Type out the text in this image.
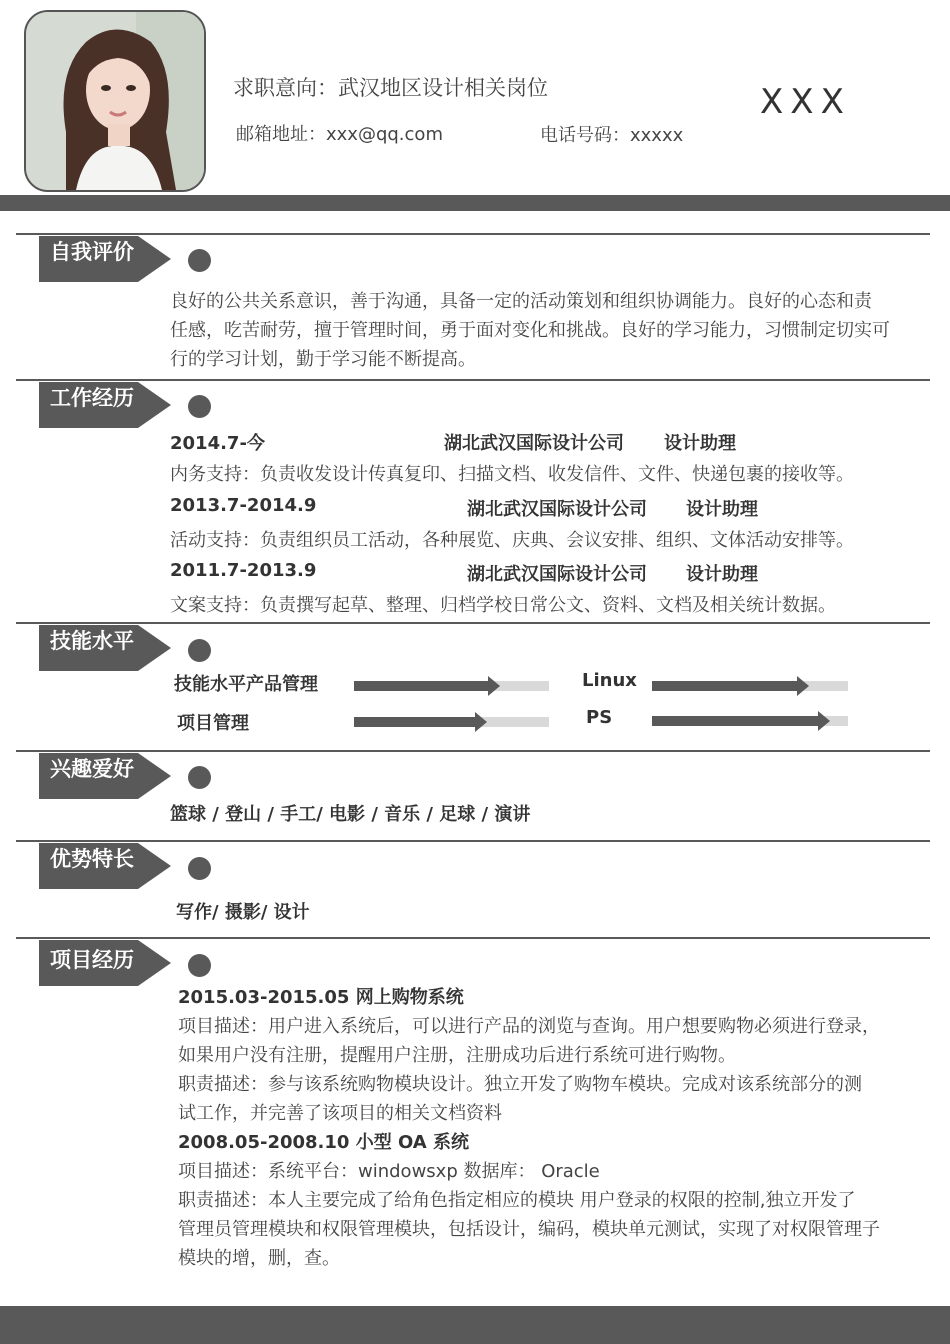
求职意向：武汉地区设计相关岗位	XXX
邮箱地址：xxx@qq.com	电话号码：xxxxx
自我评价
良好的公共关系意识，善于沟通，具备一定的活动策划和组织协调能力。良好的心态和责
任感，吃苦耐劳，擅于管理时间，勇于面对变化和挑战。良好的学习能力，习惯制定切实可
行的学习计划，勤于学习能不断提高。
工作经历
2014.7-今	湖北武汉国际设计公司 设计助理
内务支持：负责收发设计传真复印、扫描文档、收发信件、文件、快递包裹的接收等。
2013.7-2014.9	湖北武汉国际设计公司 设计助理
活动支持：负责组织员工活动，各种展览、庆典、会议安排、组织、文体活动安排等。
2011.7-2013.9	湖北武汉国际设计公司 设计助理
文案支持：负责撰写起草、整理、归档学校日常公文、资料、文档及相关统计数据。
技能水平
技能水平产品管理	Linux
项目管理	PS
兴趣爱好
篮球 / 登山 / 手工/ 电影 / 音乐 / 足球 / 演讲
优势特长
写作/ 摄影/ 设计
项目经历
2015.03-2015.05 网上购物系统
项目描述：用户进入系统后，可以进行产品的浏览与查询。用户想要购物必须进行登录，
如果用户没有注册，提醒用户注册，注册成功后进行系统可进行购物。
职责描述：参与该系统购物模块设计。独立开发了购物车模块。完成对该系统部分的测
试工作，并完善了该项目的相关文档资料
2008.05-2008.10 小型 OA 系统
项目描述：系统平台：windowsxp 数据库： Oracle
职责描述：本人主要完成了给角色指定相应的模块 用户登录的权限的控制,独立开发了
管理员管理模块和权限管理模块，包括设计，编码，模块单元测试，实现了对权限管理子
模块的增，删，查。
